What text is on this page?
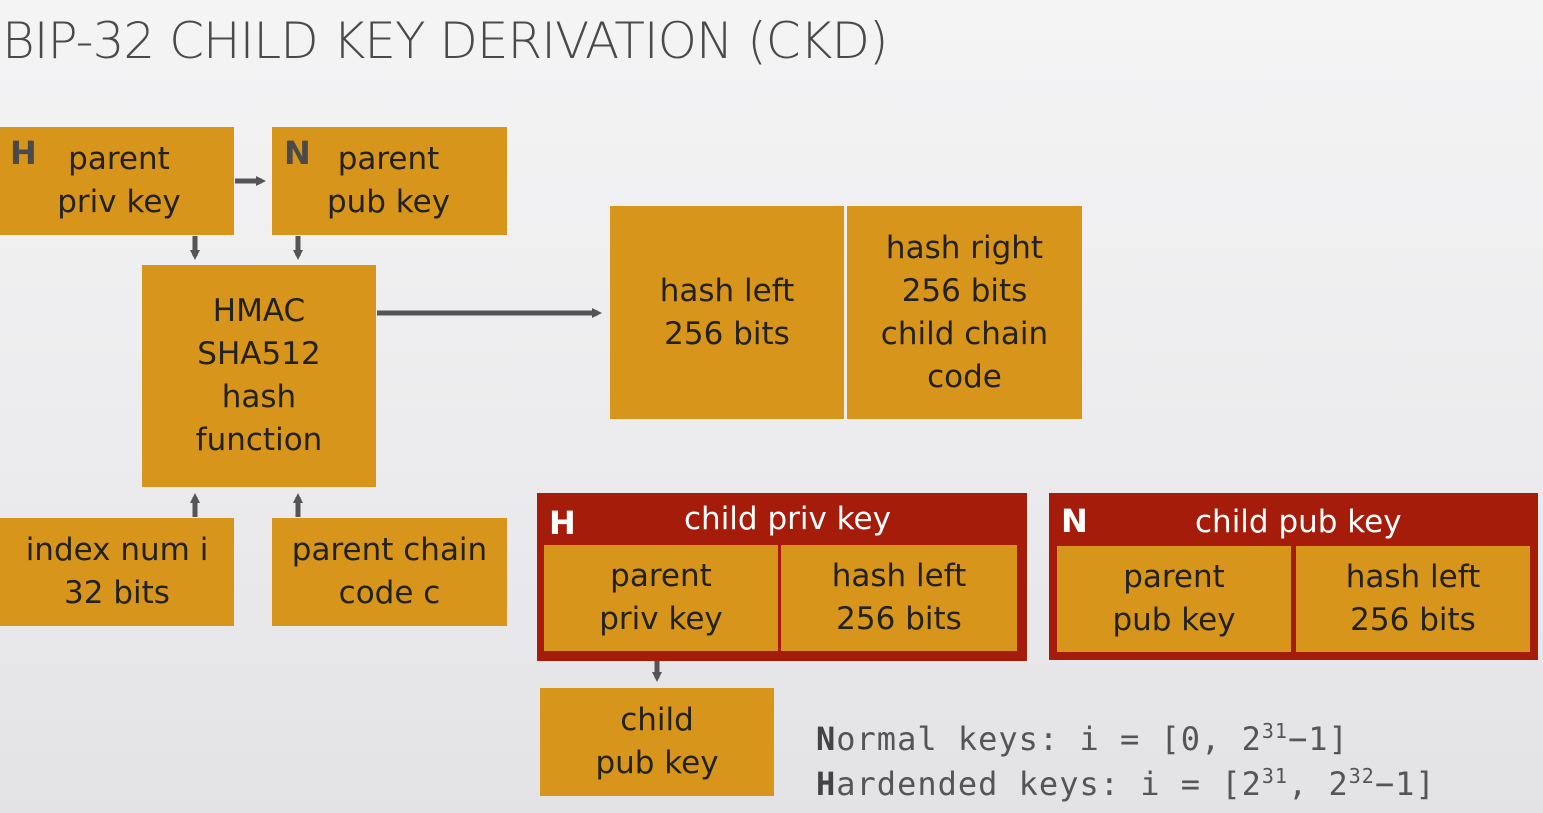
BIP-32 CHILD KEY DERIVATION (CKD)
H	parent
priv key
N parent
pub key
HMAC
SHA512
hash
function
index num i
32 bits
parent chain
code c
hash left
256 bits
hash right
256 bits
child chain
code
H	child priv key
parent
priv key
hash left
256 bits
N	child pub key
parent
pub key
hash left
256 bits
child
pub key
Normal keys: i = [0, $2^{31}-1$]
Hardended keys: $i = [2^{31}$, $2^{32}-1$]
